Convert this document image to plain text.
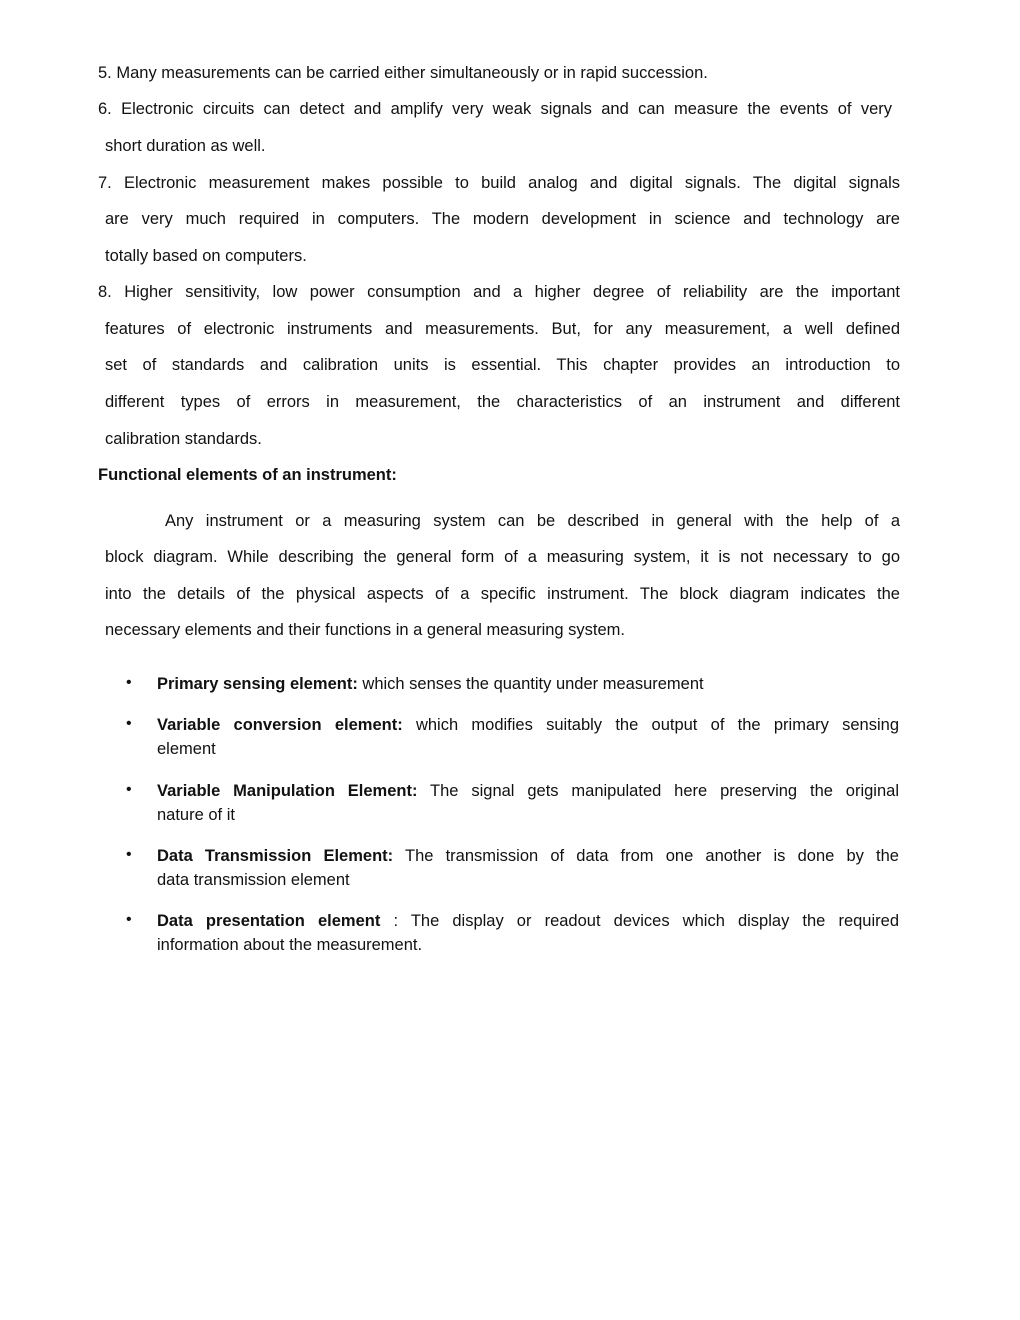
5. Many measurements can be carried either simultaneously or in rapid succession.
6. Electronic circuits can detect and amplify very weak signals and can measure the events of very
short duration as well.
7. Electronic measurement makes possible to build analog and digital signals. The digital signals
are very much required in computers. The modern development in science and technology are
totally based on computers.
8. Higher sensitivity, low power consumption and a higher degree of reliability are the important
features of electronic instruments and measurements. But, for any measurement, a well defined
set of standards and calibration units is essential. This chapter provides an introduction to
different types of errors in measurement, the characteristics of an instrument and different
calibration standards.
Functional elements of an instrument:
Any instrument or a measuring system can be described in general with the help of a
block diagram. While describing the general form of a measuring system, it is not necessary to go
into the details of the physical aspects of a specific instrument. The block diagram indicates the
necessary elements and their functions in a general measuring system.
• Primary sensing element: which senses the quantity under measurement
• Variable conversion element: which modifies suitably the output of the primary sensing
element
• Variable Manipulation Element: The signal gets manipulated here preserving the original
nature of it
• Data Transmission Element: The transmission of data from one another is done by the
data transmission element
• Data presentation element : The display or readout devices which display the required
information about the measurement.
